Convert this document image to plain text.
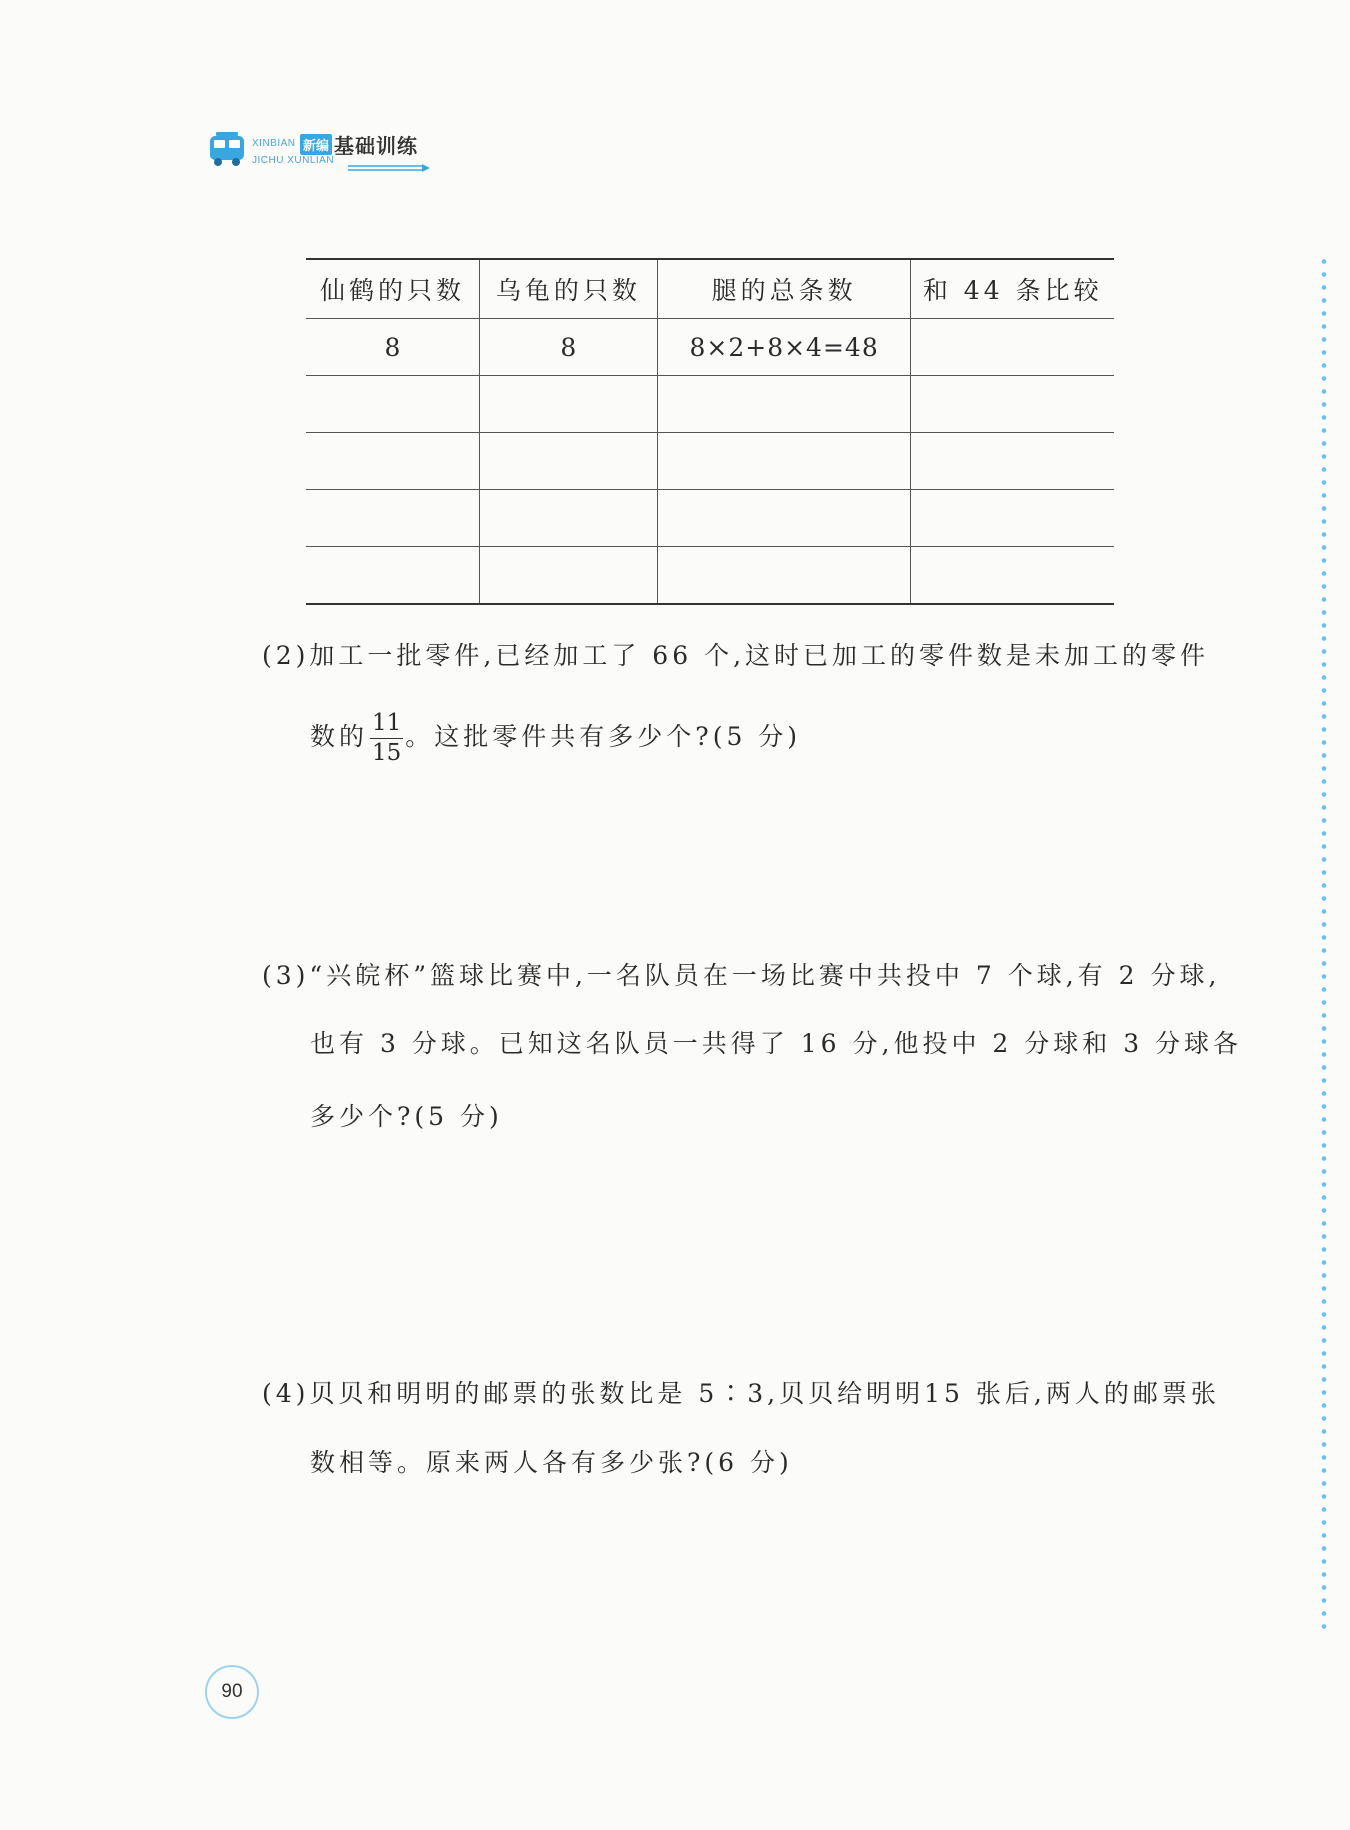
XINBIAN 新编 基础训练
JICHU XUNLIAN
仙鹤的只数	乌龟的只数	腿的总条数	和 44 条比较
8	8	8×2+8×4=48	

(2)加工一批零件,已经加工了 66 个,这时已加工的零件数是未加工的零件
数的 $\frac{11}{15}$ 。这批零件共有多少个?(5 分)
(3)“兴皖杯”篮球比赛中,一名队员在一场比赛中共投中 7 个球,有 2 分球,
也有 3 分球。已知这名队员一共得了 16 分,他投中 2 分球和 3 分球各
多少个?(5 分)
(4)贝贝和明明的邮票的张数比是 5∶3,贝贝给明明15 张后,两人的邮票张
数相等。原来两人各有多少张?(6 分)
90
